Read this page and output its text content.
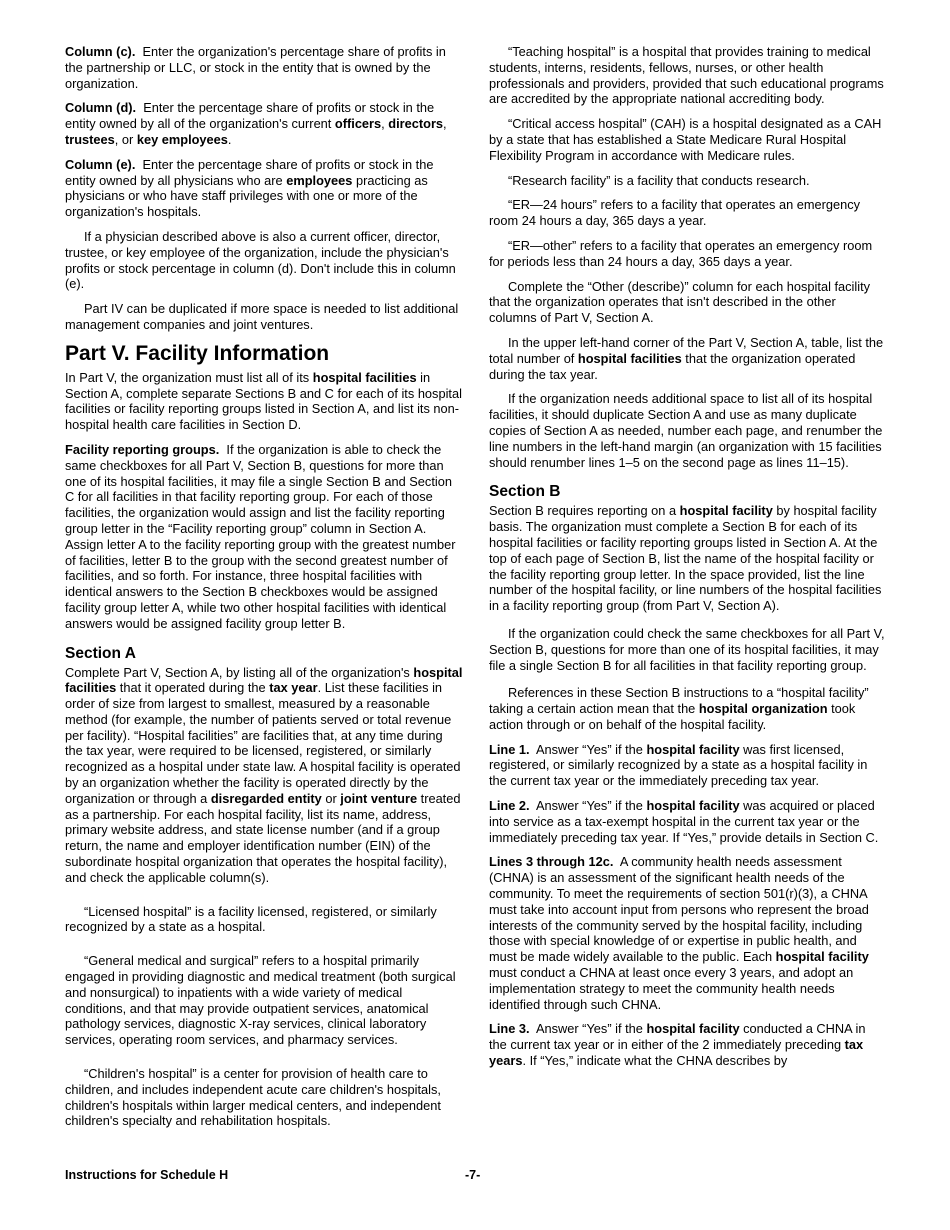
Column (c). Enter the organization's percentage share of profits in the partnership or LLC, or stock in the entity that is owned by the organization.

Column (d). Enter the percentage share of profits or stock in the entity owned by all of the organization's current officers, directors, trustees, or key employees.

Column (e). Enter the percentage share of profits or stock in the entity owned by all physicians who are employees practicing as physicians or who have staff privileges with one or more of the organization's hospitals.

If a physician described above is also a current officer, director, trustee, or key employee of the organization, include the physician's profits or stock percentage in column (d). Don't include this in column (e).

Part IV can be duplicated if more space is needed to list additional management companies and joint ventures.

Part V. Facility Information

In Part V, the organization must list all of its hospital facilities in Section A, complete separate Sections B and C for each of its hospital facilities or facility reporting groups listed in Section A, and list its non-hospital health care facilities in Section D.

Facility reporting groups. If the organization is able to check the same checkboxes for all Part V, Section B, questions for more than one of its hospital facilities, it may file a single Section B and Section C for all facilities in that facility reporting group. For each of those facilities, the organization would assign and list the facility reporting group letter in the “Facility reporting group” column in Section A. Assign letter A to the facility reporting group with the greatest number of facilities, letter B to the group with the second greatest number of facilities, and so forth. For instance, three hospital facilities with identical answers to the Section B checkboxes would be assigned facility group letter A, while two other hospital facilities with identical answers would be assigned facility group letter B.

Section A

Complete Part V, Section A, by listing all of the organization's hospital facilities that it operated during the tax year. List these facilities in order of size from largest to smallest, measured by a reasonable method (for example, the number of patients served or total revenue per facility). “Hospital facilities” are facilities that, at any time during the tax year, were required to be licensed, registered, or similarly recognized as a hospital under state law. A hospital facility is operated by an organization whether the facility is operated directly by the organization or through a disregarded entity or joint venture treated as a partnership. For each hospital facility, list its name, address, primary website address, and state license number (and if a group return, the name and employer identification number (EIN) of the subordinate hospital organization that operates the hospital facility), and check the applicable column(s).

“Licensed hospital” is a facility licensed, registered, or similarly recognized by a state as a hospital.

“General medical and surgical” refers to a hospital primarily engaged in providing diagnostic and medical treatment (both surgical and nonsurgical) to inpatients with a wide variety of medical conditions, and that may provide outpatient services, anatomical pathology services, diagnostic X-ray services, clinical laboratory services, operating room services, and pharmacy services.

“Children's hospital” is a center for provision of health care to children, and includes independent acute care children's hospitals, children's hospitals within larger medical centers, and independent children's specialty and rehabilitation hospitals.

“Teaching hospital” is a hospital that provides training to medical students, interns, residents, fellows, nurses, or other health professionals and providers, provided that such educational programs are accredited by the appropriate national accrediting body.

“Critical access hospital” (CAH) is a hospital designated as a CAH by a state that has established a State Medicare Rural Hospital Flexibility Program in accordance with Medicare rules.

“Research facility” is a facility that conducts research.

“ER—24 hours” refers to a facility that operates an emergency room 24 hours a day, 365 days a year.

“ER—other” refers to a facility that operates an emergency room for periods less than 24 hours a day, 365 days a year.

Complete the “Other (describe)” column for each hospital facility that the organization operates that isn't described in the other columns of Part V, Section A.

In the upper left-hand corner of the Part V, Section A, table, list the total number of hospital facilities that the organization operated during the tax year.

If the organization needs additional space to list all of its hospital facilities, it should duplicate Section A and use as many duplicate copies of Section A as needed, number each page, and renumber the line numbers in the left-hand margin (an organization with 15 facilities should renumber lines 1–5 on the second page as lines 11–15).

Section B

Section B requires reporting on a hospital facility by hospital facility basis. The organization must complete a Section B for each of its hospital facilities or facility reporting groups listed in Section A. At the top of each page of Section B, list the name of the hospital facility or the facility reporting group letter. In the space provided, list the line number of the hospital facility, or line numbers of the hospital facilities in a facility reporting group (from Part V, Section A).

If the organization could check the same checkboxes for all Part V, Section B, questions for more than one of its hospital facilities, it may file a single Section B for all facilities in that facility reporting group.

References in these Section B instructions to a “hospital facility” taking a certain action mean that the hospital organization took action through or on behalf of the hospital facility.

Line 1. Answer “Yes” if the hospital facility was first licensed, registered, or similarly recognized by a state as a hospital facility in the current tax year or the immediately preceding tax year.

Line 2. Answer “Yes” if the hospital facility was acquired or placed into service as a tax-exempt hospital in the current tax year or the immediately preceding tax year. If “Yes,” provide details in Section C.

Lines 3 through 12c. A community health needs assessment (CHNA) is an assessment of the significant health needs of the community. To meet the requirements of section 501(r)(3), a CHNA must take into account input from persons who represent the broad interests of the community served by the hospital facility, including those with special knowledge of or expertise in public health, and must be made widely available to the public. Each hospital facility must conduct a CHNA at least once every 3 years, and adopt an implementation strategy to meet the community health needs identified through such CHNA.

Line 3. Answer “Yes” if the hospital facility conducted a CHNA in the current tax year or in either of the 2 immediately preceding tax years. If “Yes,” indicate what the CHNA describes by

Instructions for Schedule H	-7-
